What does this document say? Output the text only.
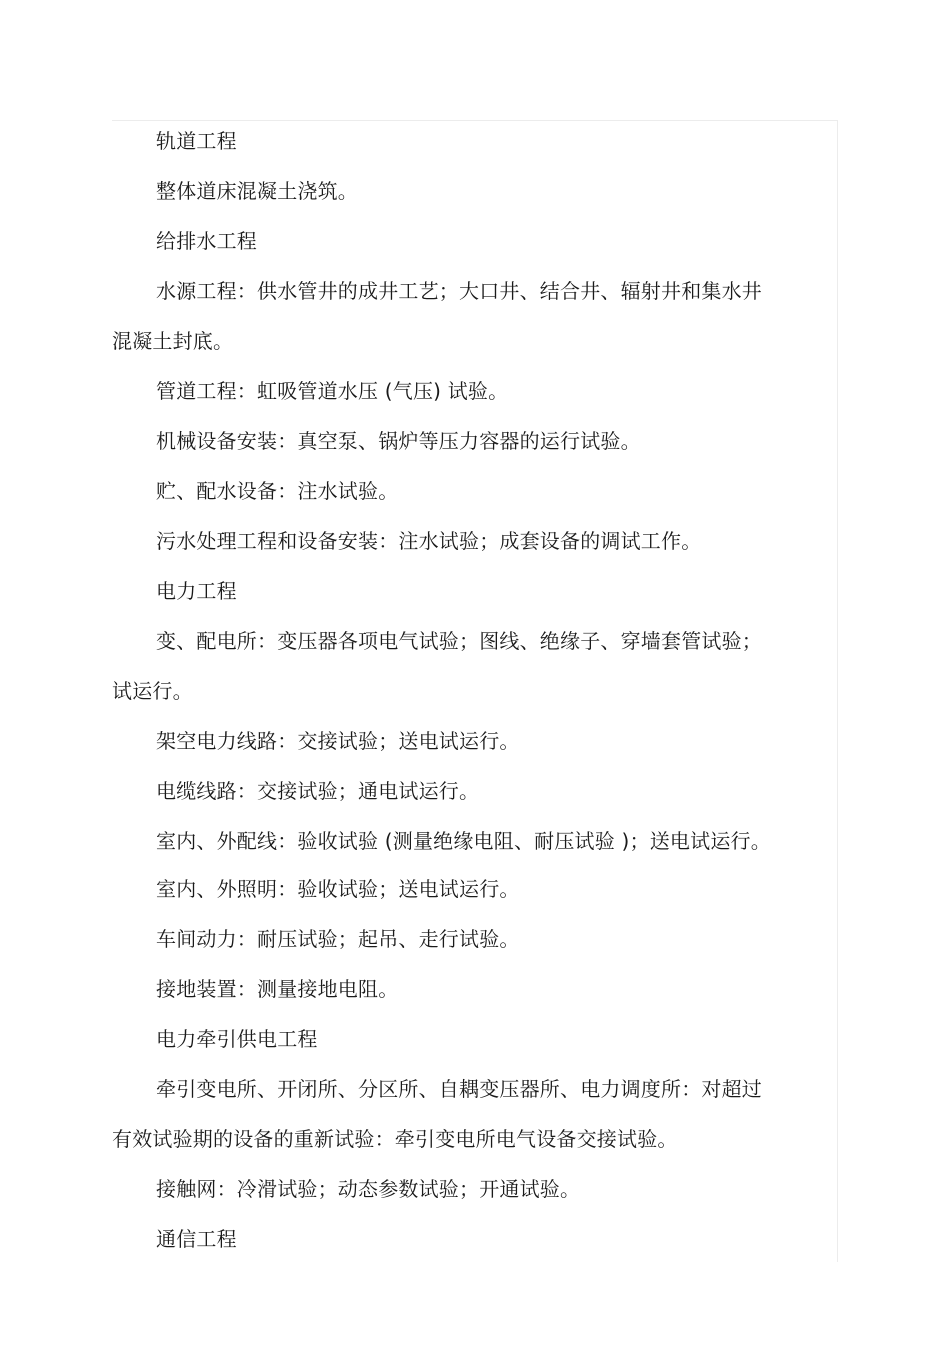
轨道工程

整体道床混凝土浇筑。

给排水工程

水源工程：供水管井的成井工艺；大口井、结合井、辐射井和集水井

混凝土封底。

管道工程：虹吸管道水压 (气压) 试验。

机械设备安装：真空泵、锅炉等压力容器的运行试验。

贮、配水设备：注水试验。

污水处理工程和设备安装：注水试验；成套设备的调试工作。

电力工程

变、配电所：变压器各项电气试验；图线、绝缘子、穿墙套管试验；

试运行。

架空电力线路：交接试验；送电试运行。

电缆线路：交接试验；通电试运行。

室内、外配线：验收试验 (测量绝缘电阻、耐压试验 )；送电试运行。

室内、外照明：验收试验；送电试运行。

车间动力：耐压试验；起吊、走行试验。

接地装置：测量接地电阻。

电力牵引供电工程

牵引变电所、开闭所、分区所、自耦变压器所、电力调度所：对超过

有效试验期的设备的重新试验：牵引变电所电气设备交接试验。

接触网：冷滑试验；动态参数试验；开通试验。

通信工程
